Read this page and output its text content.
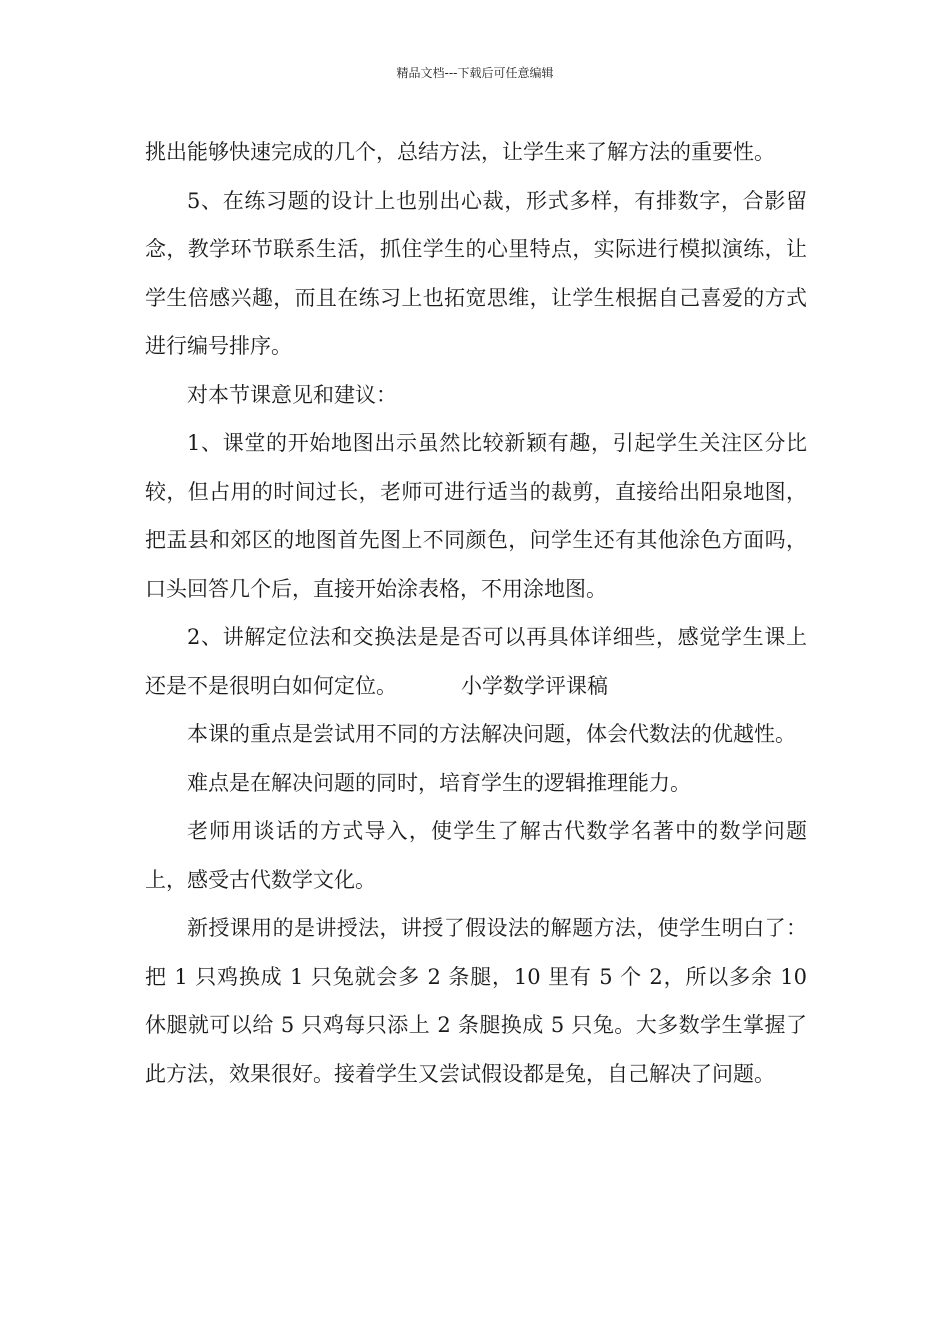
精品文档---下载后可任意编辑

挑出能够快速完成的几个，总结方法，让学生来了解方法的重要性。

5、在练习题的设计上也别出心裁，形式多样，有排数字，合影留念，教学环节联系生活，抓住学生的心里特点，实际进行模拟演练，让学生倍感兴趣，而且在练习上也拓宽思维，让学生根据自己喜爱的方式进行编号排序。

对本节课意见和建议：

1、课堂的开始地图出示虽然比较新颖有趣，引起学生关注区分比较，但占用的时间过长，老师可进行适当的裁剪，直接给出阳泉地图，把盂县和郊区的地图首先图上不同颜色，问学生还有其他涂色方面吗，口头回答几个后，直接开始涂表格，不用涂地图。

2、讲解定位法和交换法是是否可以再具体详细些，感觉学生课上还是不是很明白如何定位。	小学数学评课稿

本课的重点是尝试用不同的方法解决问题，体会代数法的优越性。

难点是在解决问题的同时，培育学生的逻辑推理能力。

老师用谈话的方式导入，使学生了解古代数学名著中的数学问题上，感受古代数学文化。

新授课用的是讲授法，讲授了假设法的解题方法，使学生明白了：把 1 只鸡换成 1 只兔就会多 2 条腿，10 里有 5 个 2，所以多余 10 休腿就可以给 5 只鸡每只添上 2 条腿换成 5 只兔。大多数学生掌握了此方法，效果很好。接着学生又尝试假设都是兔，自己解决了问题。
